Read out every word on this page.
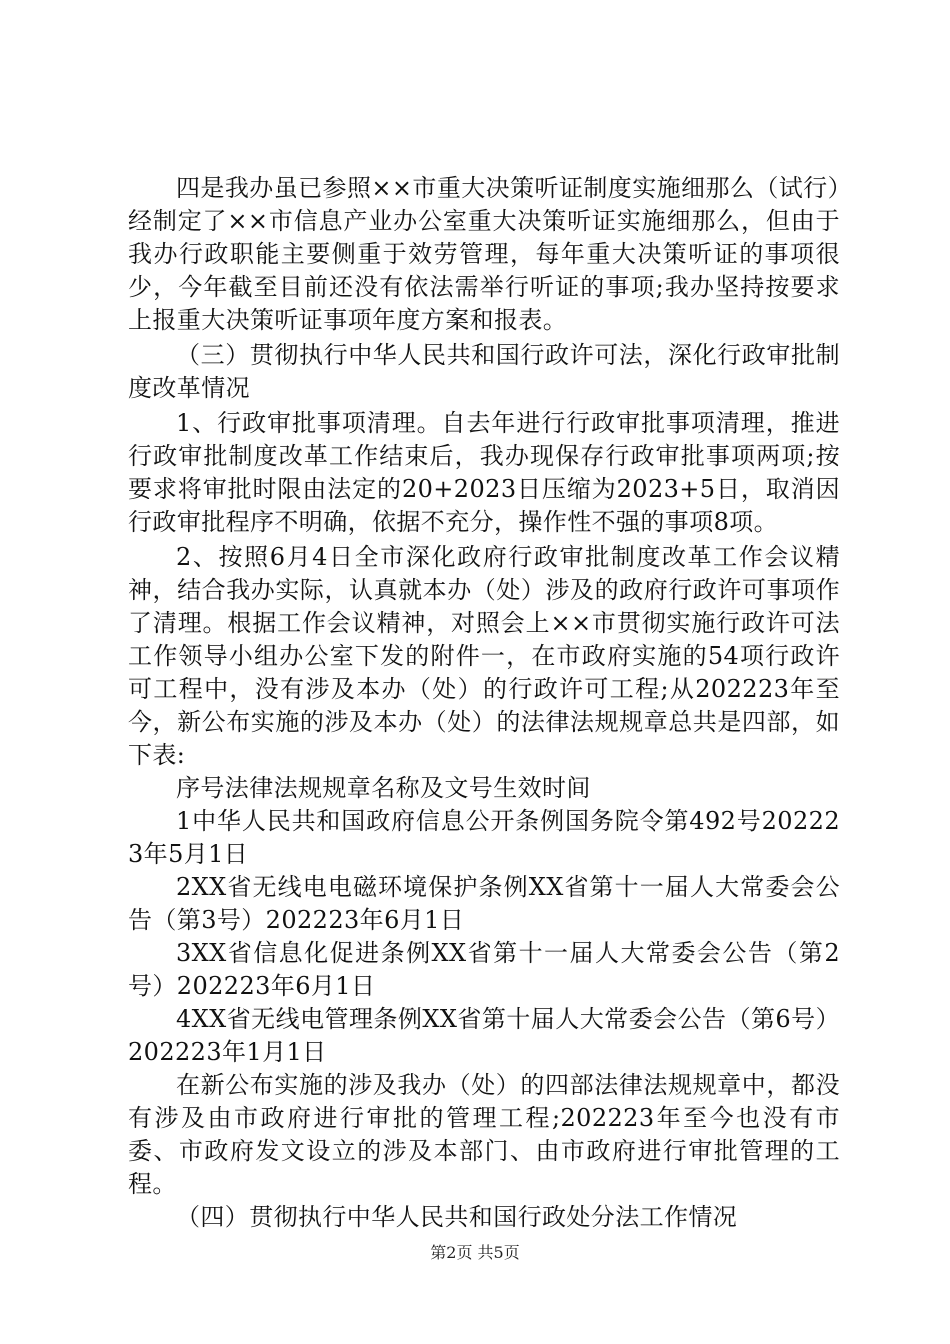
四是我办虽已参照××市重大决策听证制度实施细那么（试行）经制定了××市信息产业办公室重大决策听证实施细那么，但由于我办行政职能主要侧重于效劳管理，每年重大决策听证的事项很少，今年截至目前还没有依法需举行听证的事项;我办坚持按要求上报重大决策听证事项年度方案和报表。

（三）贯彻执行中华人民共和国行政许可法，深化行政审批制度改革情况

1、行政审批事项清理。自去年进行行政审批事项清理，推进行政审批制度改革工作结束后，我办现保存行政审批事项两项;按要求将审批时限由法定的20+2023日压缩为2023+5日，取消因行政审批程序不明确，依据不充分，操作性不强的事项8项。

2、按照6月4日全市深化政府行政审批制度改革工作会议精神，结合我办实际，认真就本办（处）涉及的政府行政许可事项作了清理。根据工作会议精神，对照会上××市贯彻实施行政许可法工作领导小组办公室下发的附件一，在市政府实施的54项行政许可工程中，没有涉及本办（处）的行政许可工程;从202223年至今，新公布实施的涉及本办（处）的法律法规规章总共是四部，如下表:

序号法律法规规章名称及文号生效时间

1中华人民共和国政府信息公开条例国务院令第492号202223年5月1日

2XX省无线电电磁环境保护条例XX省第十一届人大常委会公告（第3号）202223年6月1日

3XX省信息化促进条例XX省第十一届人大常委会公告（第2号）202223年6月1日

4XX省无线电管理条例XX省第十届人大常委会公告（第6号）202223年1月1日

在新公布实施的涉及我办（处）的四部法律法规规章中，都没有涉及由市政府进行审批的管理工程;202223年至今也没有市委、市政府发文设立的涉及本部门、由市政府进行审批管理的工程。

（四）贯彻执行中华人民共和国行政处分法工作情况

第2页 共5页
